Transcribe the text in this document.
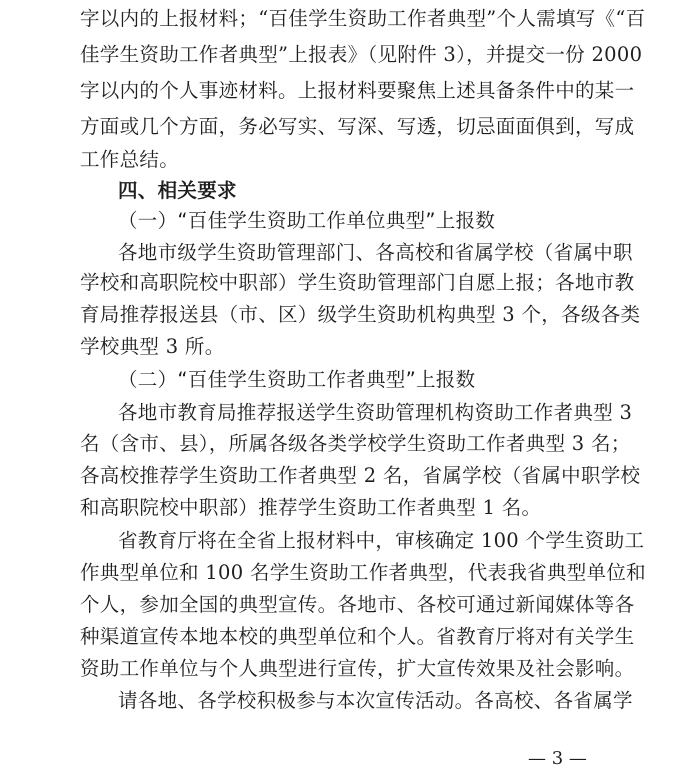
字以内的上报材料；“百佳学生资助工作者典型”个人需填写《“百
佳学生资助工作者典型”上报表》（见附件 3），并提交一份 2000
字以内的个人事迹材料。上报材料要聚焦上述具备条件中的某一
方面或几个方面，务必写实、写深、写透，切忌面面俱到，写成
工作总结。
四、相关要求
（一）“百佳学生资助工作单位典型”上报数
各地市级学生资助管理部门、各高校和省属学校（省属中职
学校和高职院校中职部）学生资助管理部门自愿上报；各地市教
育局推荐报送县（市、区）级学生资助机构典型 3 个，各级各类
学校典型 3 所。
（二）“百佳学生资助工作者典型”上报数
各地市教育局推荐报送学生资助管理机构资助工作者典型 3
名（含市、县），所属各级各类学校学生资助工作者典型 3 名；
各高校推荐学生资助工作者典型 2 名，省属学校（省属中职学校
和高职院校中职部）推荐学生资助工作者典型 1 名。
省教育厅将在全省上报材料中，审核确定 100 个学生资助工
作典型单位和 100 名学生资助工作者典型，代表我省典型单位和
个人，参加全国的典型宣传。各地市、各校可通过新闻媒体等各
种渠道宣传本地本校的典型单位和个人。省教育厅将对有关学生
资助工作单位与个人典型进行宣传，扩大宣传效果及社会影响。
请各地、各学校积极参与本次宣传活动。各高校、各省属学
— 3 —
